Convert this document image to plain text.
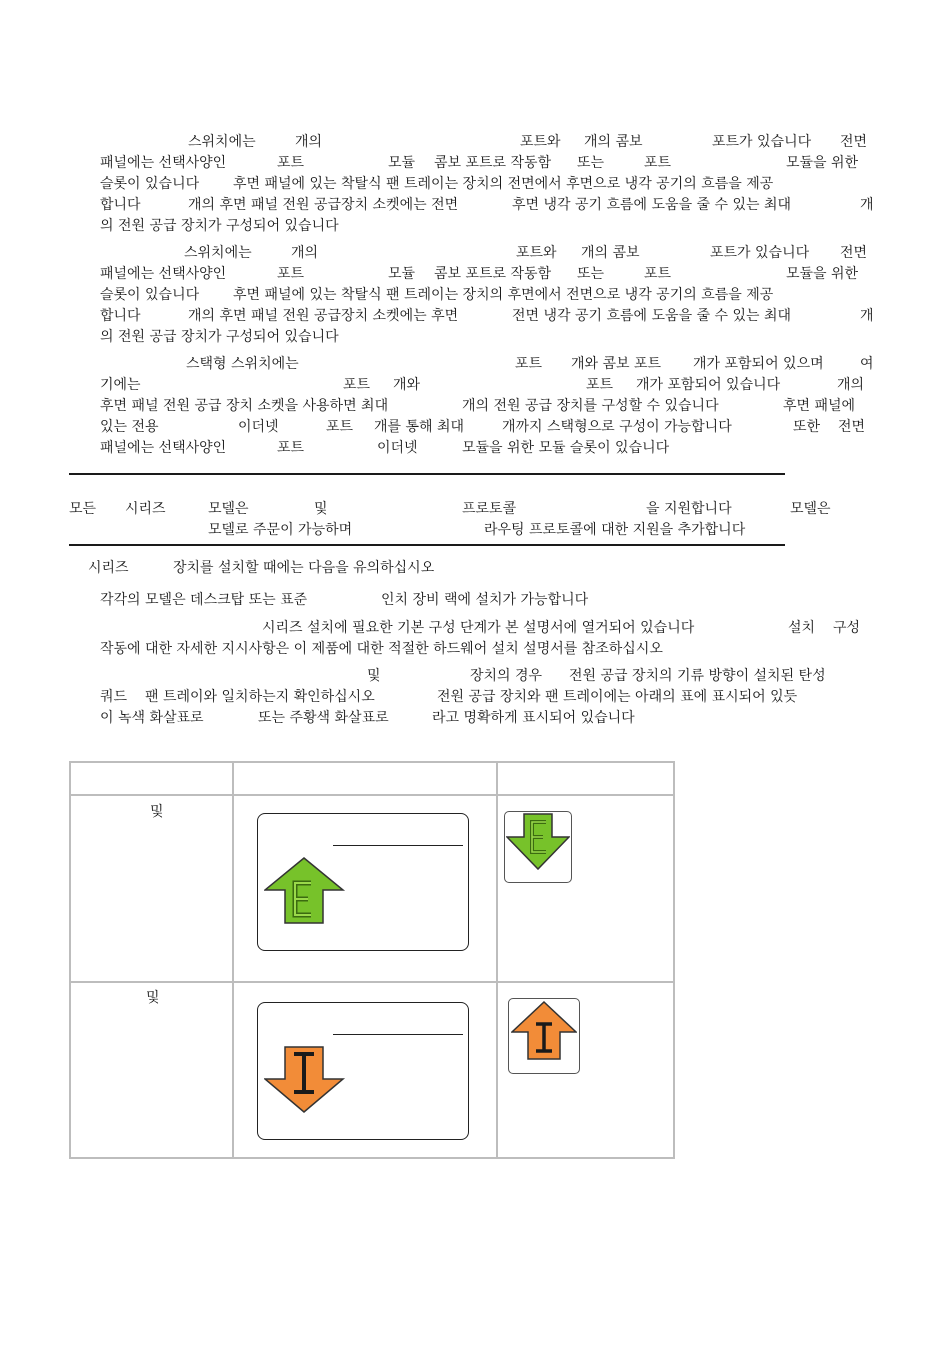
스위치에는	개의	포트와 개의 콤보	포트가 있습니다 전면
패널에는 선택사양인	포트	모듈 콤보 포트로 작동함 또는	포트	모듈을 위한
슬롯이 있습니다 후면 패널에 있는 착탈식 팬 트레이는 장치의 전면에서 후면으로 냉각 공기의 흐름을 제공
합니다	개의 후면 패널 전원 공급장치 소켓에는 전면	후면 냉각 공기 흐름에 도움을 줄 수 있는 최대	개
의 전원 공급 장치가 구성되어 있습니다
스위치에는	개의	포트와 개의 콤보	포트가 있습니다 전면
패널에는 선택사양인	포트	모듈 콤보 포트로 작동함 또는	포트	모듈을 위한
슬롯이 있습니다 후면 패널에 있는 착탈식 팬 트레이는 장치의 후면에서 전면으로 냉각 공기의 흐름을 제공
합니다	개의 후면 패널 전원 공급장치 소켓에는 후면	전면 냉각 공기 흐름에 도움을 줄 수 있는 최대	개
의 전원 공급 장치가 구성되어 있습니다
스택형 스위치에는	포트 개와 콤보 포트 개가 포함되어 있으며	여
기에는	포트 개와	포트 개가 포함되어 있습니다	개의
후면 패널 전원 공급 장치 소켓을 사용하면 최대	개의 전원 공급 장치를 구성할 수 있습니다	후면 패널에
있는 전용	이더넷	포트 개를 통해 최대	개까지 스택형으로 구성이 가능합니다	또한 전면
패널에는 선택사양인	포트	이더넷	모듈을 위한 모듈 슬롯이 있습니다
모든 시리즈	모델은	및	프로토콜	을 지원합니다	모델은
모델로 주문이 가능하며	라우팅 프로토콜에 대한 지원을 추가합니다
시리즈	장치를 설치할 때에는 다음을 유의하십시오
각각의 모델은 데스크탑 또는 표준	인치 장비 랙에 설치가 가능합니다
시리즈 설치에 필요한 기본 구성 단계가 본 설명서에 열거되어 있습니다	설치 구성
작동에 대한 자세한 지시사항은 이 제품에 대한 적절한 하드웨어 설치 설명서를 참조하십시오
및	장치의 경우 전원 공급 장치의 기류 방향이 설치된 탄성
쿼드 팬 트레이와 일치하는지 확인하십시오	전원 공급 장치와 팬 트레이에는 아래의 표에 표시되어 있듯
이 녹색 화살표로	또는 주황색 화살표로	라고 명확하게 표시되어 있습니다
및
및
